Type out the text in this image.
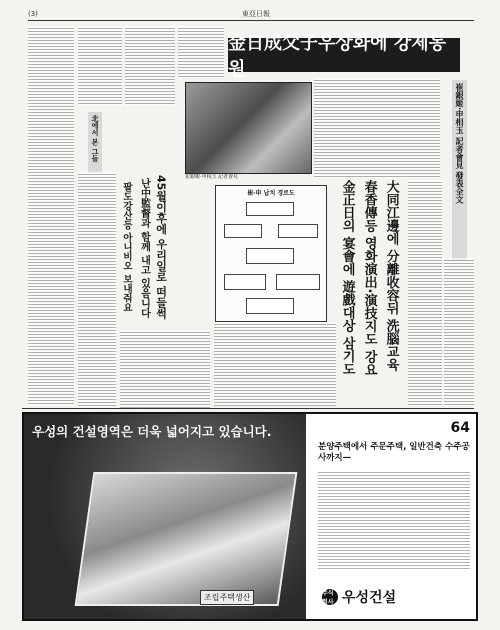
(3)	東亞日報
北에서 본 그들
45월이후에 우리일로 떠들썩
난中監督과 함께 내고 있음니다
팔도강산등 아니비오 보내줘요
金日成父子우상화에 강제동원
崔銀姬·申相玉 記者會見	崔銀姬·申相玉 記者會見 發表全文
崔·申 납치 경로도	大同江邊에 分離收容뒤 洗腦교육
春香傳등 영화演出·演技지도 강요
金正日의 宴會에 遊戲대상 삼기도
우성의 건설영역은 더욱 넓어지고 있습니다.
조립주택생산
64
분양주택에서 주문주택, 일반건축 수주공사까지—
주식회사 우성건설
